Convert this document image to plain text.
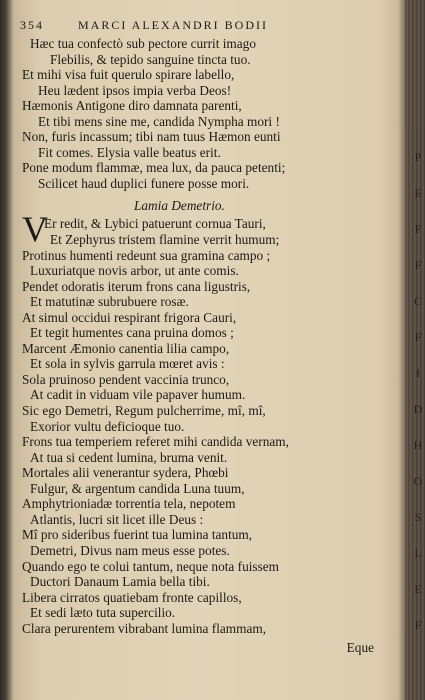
P
E
F
F
C
F
I
D
H
O
S
L
E
F
354	MARCI ALEXANDRI BODII
Hæc tua confectò sub pectore currit imago
Flebilis, & tepido sanguine tincta tuo.
Et mihi visa fuit querulo spirare labello,
Heu lædent ipsos impia verba Deos!
Hæmonis Antigone diro damnata parenti,
Et tibi mens sine me, candida Nympha mori !
Non, furis incassum; tibi nam tuus Hæmon eunti
Fit comes. Elysia valle beatus erit.
Pone modum flammæ, mea lux, da pauca petenti;
Scilicet haud duplici funere posse mori.
Lamia Demetrio.
V
Er redit, & Lybici patuerunt cornua Tauri,
Et Zephyrus tristem flamine verrit humum;
Protinus humenti redeunt sua gramina campo ;
Luxuriatque novis arbor, ut ante comis.
Pendet odoratis iterum frons cana ligustris,
Et matutinæ subrubuere rosæ.
At simul occidui respirant frigora Cauri,
Et tegit humentes cana pruina domos ;
Marcent Æmonio canentia lilia campo,
Et sola in sylvis garrula mœret avis :
Sola pruinoso pendent vaccinia trunco,
At cadit in viduam vile papaver humum.
Sic ego Demetri, Regum pulcherrime, mî, mî,
Exorior vultu deficioque tuo.
Frons tua temperiem referet mihi candida vernam,
At tua si cedent lumina, bruma venit.
Mortales alii venerantur sydera, Phœbi
Fulgur, & argentum candida Luna tuum,
Amphytrioniadæ torrentia tela, nepotem
Atlantis, lucri sit licet ille Deus :
Mî pro sideribus fuerint tua lumina tantum,
Demetri, Divus nam meus esse potes.
Quando ego te colui tantum, neque nota fuissem
Ductori Danaum Lamia bella tibi.
Libera cirratos quatiebam fronte capillos,
Et sedi læto tuta supercilio.
Clara perurentem vibrabant lumina flammam,
Eque
